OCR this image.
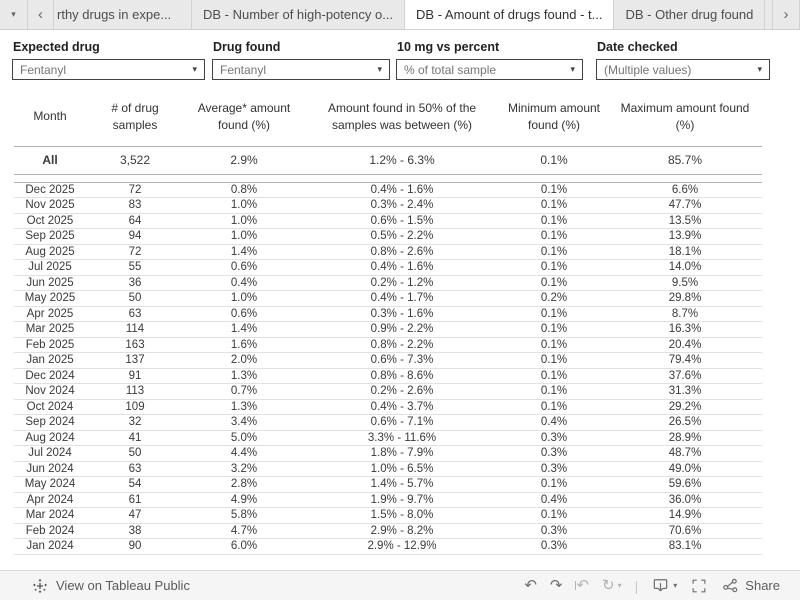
▾ ‹ rthy drugs in expe...	DB - Number of high-potency o...	DB - Amount of drugs found - t...	DB - Other drug found	›
Expected drug
Fentanyl	▾
Drug found
Fentanyl	▾
10 mg vs percent
% of total sample	▾
Date checked
(Multiple values)	▾
Month	# of drug samples	Average* amount found (%)	Amount found in 50% of the samples was between (%)	Minimum amount found (%)	Maximum amount found (%)
All	3,522	2.9%	1.2% - 6.3%	0.1%	85.7%

Dec 2025	72	0.8%	0.4% - 1.6%	0.1%	6.6%
Nov 2025	83	1.0%	0.3% - 2.4%	0.1%	47.7%
Oct 2025	64	1.0%	0.6% - 1.5%	0.1%	13.5%
Sep 2025	94	1.0%	0.5% - 2.2%	0.1%	13.9%
Aug 2025	72	1.4%	0.8% - 2.6%	0.1%	18.1%
Jul 2025	55	0.6%	0.4% - 1.6%	0.1%	14.0%
Jun 2025	36	0.4%	0.2% - 1.2%	0.1%	9.5%
May 2025	50	1.0%	0.4% - 1.7%	0.2%	29.8%
Apr 2025	63	0.6%	0.3% - 1.6%	0.1%	8.7%
Mar 2025	114	1.4%	0.9% - 2.2%	0.1%	16.3%
Feb 2025	163	1.6%	0.8% - 2.2%	0.1%	20.4%
Jan 2025	137	2.0%	0.6% - 7.3%	0.1%	79.4%
Dec 2024	91	1.3%	0.8% - 8.6%	0.1%	37.6%
Nov 2024	113	0.7%	0.2% - 2.6%	0.1%	31.3%
Oct 2024	109	1.3%	0.4% - 3.7%	0.1%	29.2%
Sep 2024	32	3.4%	0.6% - 7.1%	0.4%	26.5%
Aug 2024	41	5.0%	3.3% - 11.6%	0.3%	28.9%
Jul 2024	50	4.4%	1.8% - 7.9%	0.3%	48.7%
Jun 2024	63	3.2%	1.0% - 6.5%	0.3%	49.0%
May 2024	54	2.8%	1.4% - 5.7%	0.1%	59.6%
Apr 2024	61	4.9%	1.9% - 9.7%	0.4%	36.0%
Mar 2024	47	5.8%	1.5% - 8.0%	0.1%	14.9%
Feb 2024	38	4.7%	2.9% - 8.2%	0.3%	70.6%
Jan 2024	90	6.0%	2.9% - 12.9%	0.3%	83.1%
View on Tableau Public	↶ ↷ ↶ ↻ ▾ |	▾	Share
